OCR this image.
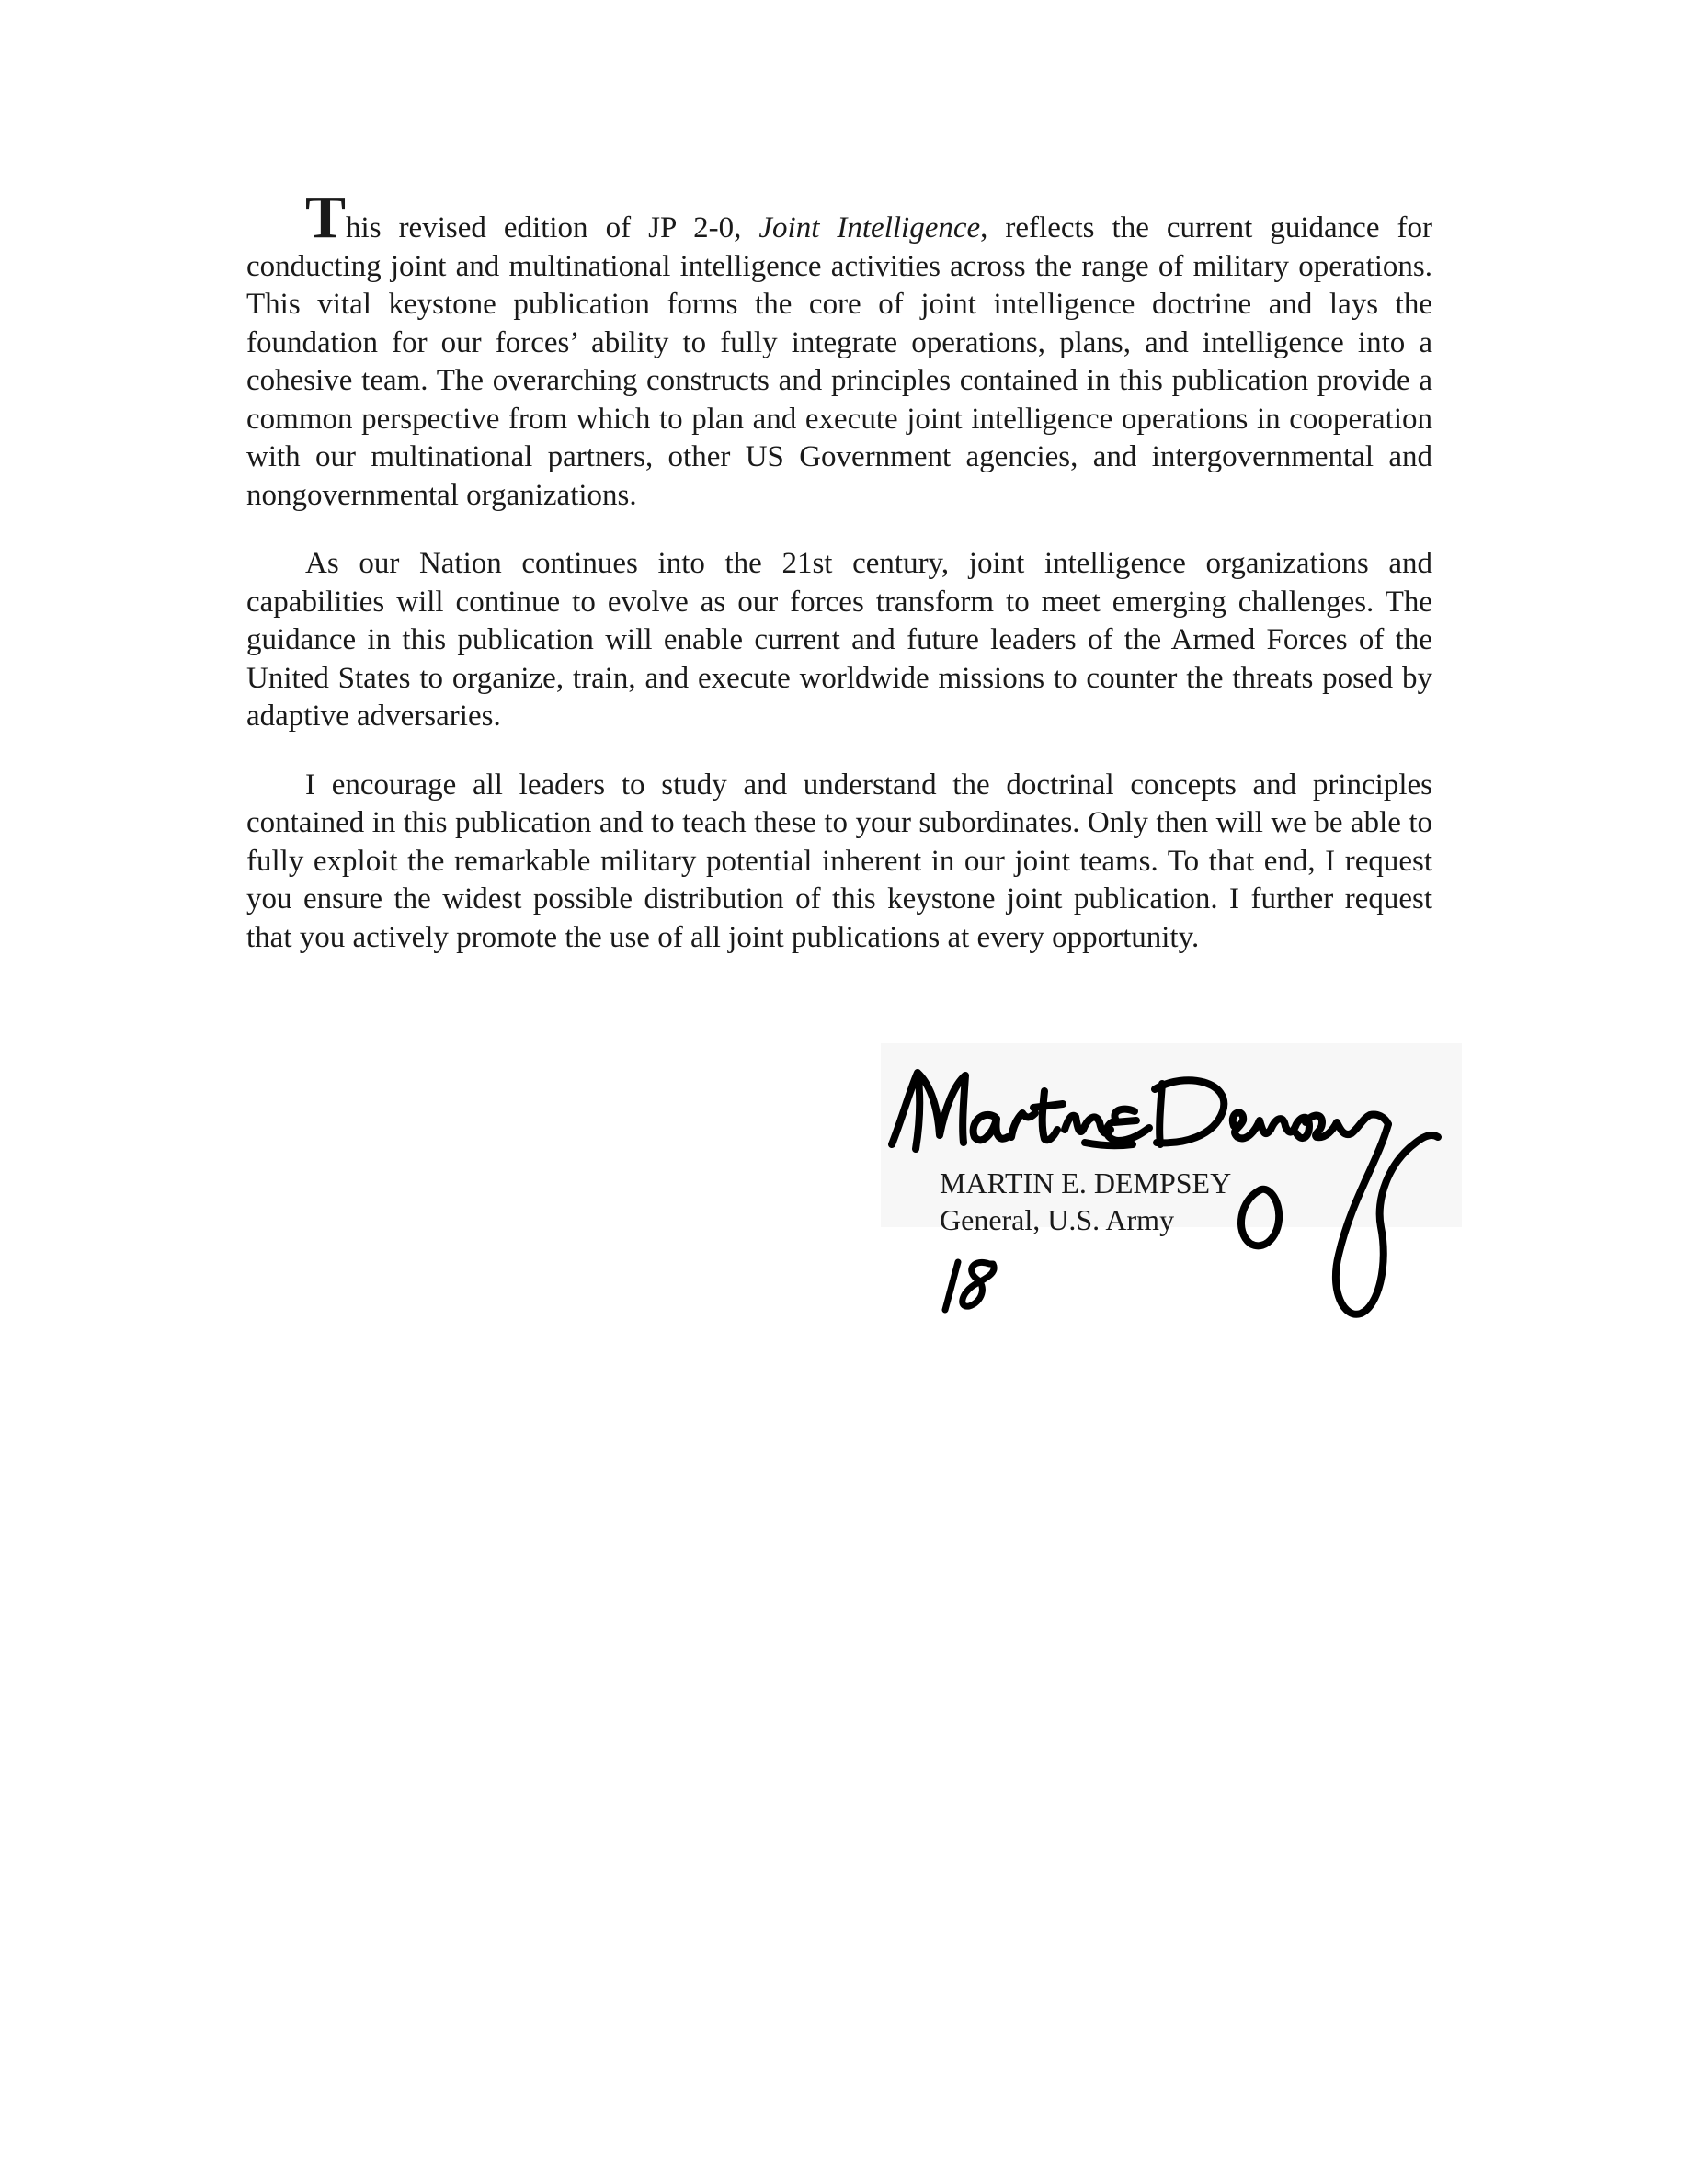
This revised edition of JP 2-0, Joint Intelligence, reflects the current guidance for conducting joint and multinational intelligence activities across the range of military operations. This vital keystone publication forms the core of joint intelligence doctrine and lays the foundation for our forces’ ability to fully integrate operations, plans, and intelligence into a cohesive team. The overarching constructs and principles contained in this publication provide a common perspective from which to plan and execute joint intelligence operations in cooperation with our multinational partners, other US Government agencies, and intergovernmental and nongovernmental organizations.

As our Nation continues into the 21st century, joint intelligence organizations and capabilities will continue to evolve as our forces transform to meet emerging challenges. The guidance in this publication will enable current and future leaders of the Armed Forces of the United States to organize, train, and execute worldwide missions to counter the threats posed by adaptive adversaries.

I encourage all leaders to study and understand the doctrinal concepts and principles contained in this publication and to teach these to your subordinates. Only then will we be able to fully exploit the remarkable military potential inherent in our joint teams. To that end, I request you ensure the widest possible distribution of this keystone joint publication. I further request that you actively promote the use of all joint publications at every opportunity.

MARTIN E. DEMPSEY
General, U.S. Army
